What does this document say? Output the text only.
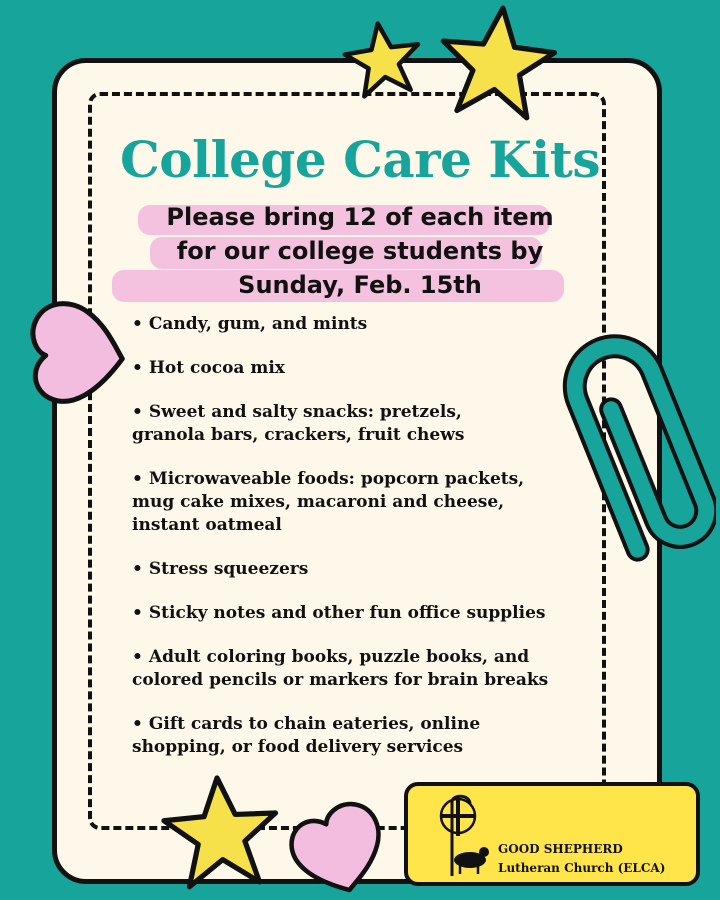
College Care Kits
Please bring 12 of each item
for our college students by
Sunday, Feb. 15th
• Candy, gum, and mints
• Hot cocoa mix
• Sweet and salty snacks: pretzels,
granola bars, crackers, fruit chews
• Microwaveable foods: popcorn packets,
mug cake mixes, macaroni and cheese,
instant oatmeal
• Stress squeezers
• Sticky notes and other fun office supplies
• Adult coloring books, puzzle books, and
colored pencils or markers for brain breaks
• Gift cards to chain eateries, online
shopping, or food delivery services

GOOD SHEPHERD

Lutheran Church (ELCA)
